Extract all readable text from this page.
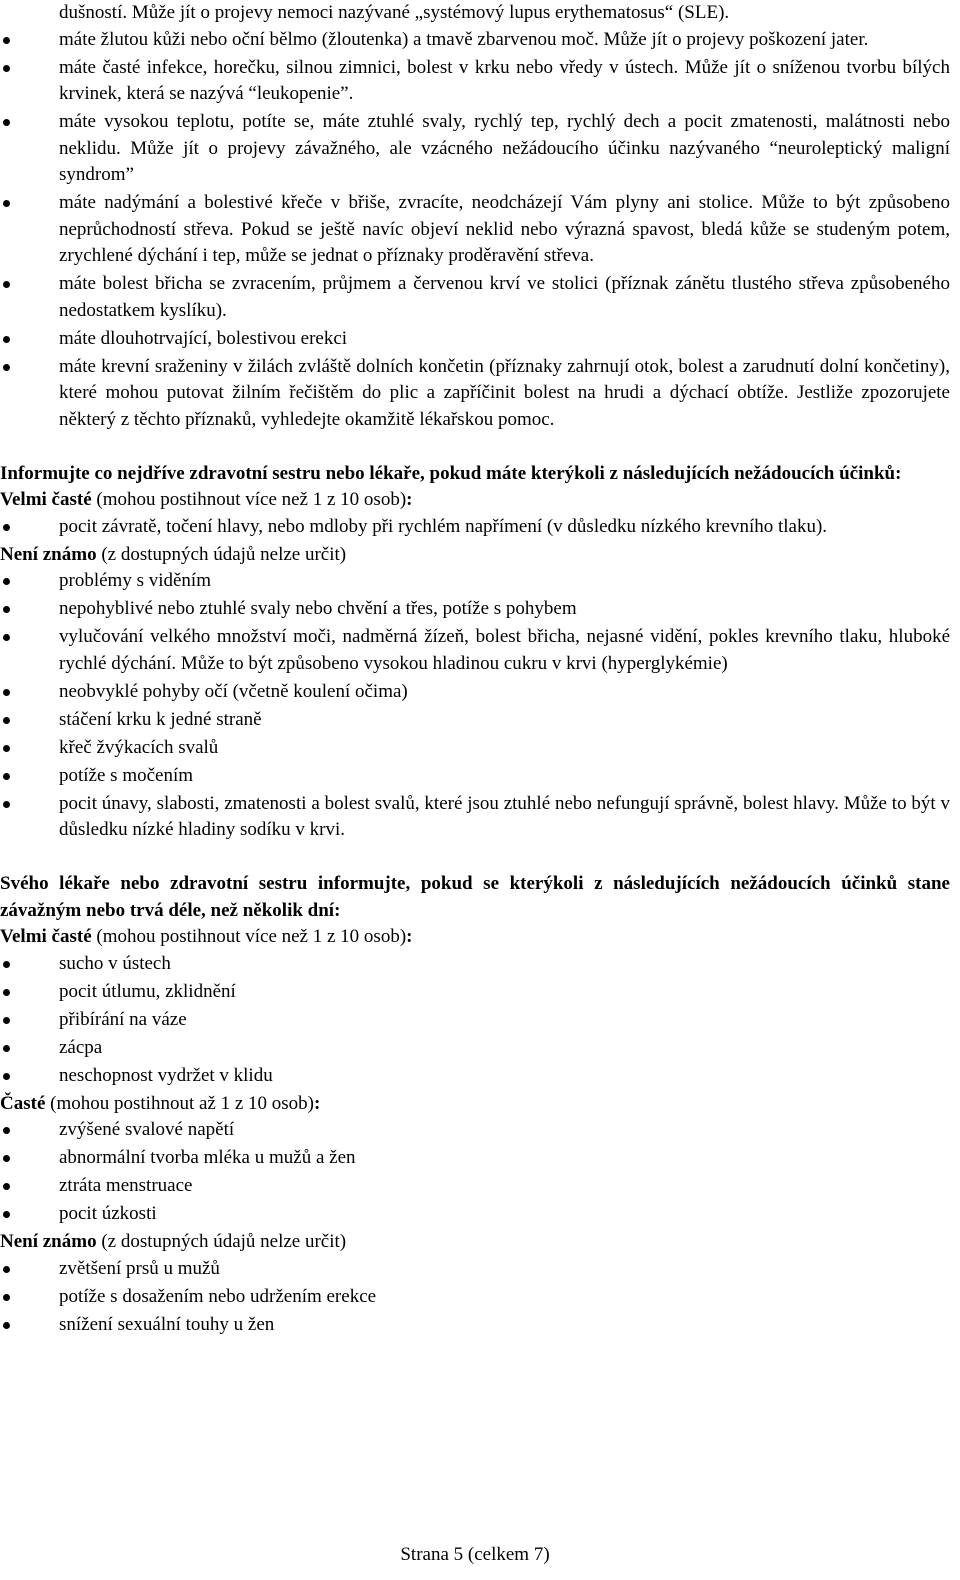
dušností. Může jít o projevy nemoci nazývané „systémový lupus erythematosus“ (SLE).

máte žlutou kůži nebo oční bělmo (žloutenka) a tmavě zbarvenou moč. Může jít o projevy poškození jater.
máte časté infekce, horečku, silnou zimnici, bolest v krku nebo vředy v ústech. Může jít o sníženou tvorbu bílých krvinek, která se nazývá “leukopenie”.
máte vysokou teplotu, potíte se, máte ztuhlé svaly, rychlý tep, rychlý dech a pocit zmatenosti, malátnosti nebo neklidu. Může jít o projevy závažného, ale vzácného nežádoucího účinku nazývaného “neuroleptický maligní syndrom”
máte nadýmání a bolestivé křeče v břiše, zvracíte, neodcházejí Vám plyny ani stolice. Může to být způsobeno neprůchodností střeva. Pokud se ještě navíc objeví neklid nebo výrazná spavost, bledá kůže se studeným potem, zrychlené dýchání i tep, může se jednat o příznaky proděravění střeva.
máte bolest břicha se zvracením, průjmem a červenou krví ve stolici (příznak zánětu tlustého střeva způsobeného nedostatkem kyslíku).
máte dlouhotrvající, bolestivou erekci
máte krevní sraženiny v žilách zvláště dolních končetin (příznaky zahrnují otok, bolest a zarudnutí dolní končetiny), které mohou putovat žilním řečištěm do plic a zapříčinit bolest na hrudi a dýchací obtíže. Jestliže zpozorujete některý z těchto příznaků, vyhledejte okamžitě lékařskou pomoc.

Informujte co nejdříve zdravotní sestru nebo lékaře, pokud máte kterýkoli z následujících nežádoucích účinků:

Velmi časté (mohou postihnout více než 1 z 10 osob):

pocit závratě, točení hlavy, nebo mdloby při rychlém napřímení (v důsledku nízkého krevního tlaku).

Není známo (z dostupných údajů nelze určit)

problémy s viděním
nepohyblivé nebo ztuhlé svaly nebo chvění a třes, potíže s pohybem
vylučování velkého množství moči, nadměrná žízeň, bolest břicha, nejasné vidění, pokles krevního tlaku, hluboké rychlé dýchání. Může to být způsobeno vysokou hladinou cukru v krvi (hyperglykémie)
neobvyklé pohyby očí (včetně koulení očima)
stáčení krku k jedné straně
křeč žvýkacích svalů
potíže s močením
pocit únavy, slabosti, zmatenosti a bolest svalů, které jsou ztuhlé nebo nefungují správně, bolest hlavy. Může to být v důsledku nízké hladiny sodíku v krvi.

Svého lékaře nebo zdravotní sestru informujte, pokud se kterýkoli z následujících nežádoucích účinků stane závažným nebo trvá déle, než několik dní:

Velmi časté (mohou postihnout více než 1 z 10 osob):

sucho v ústech
pocit útlumu, zklidnění
přibírání na váze
zácpa
neschopnost vydržet v klidu

Časté (mohou postihnout až 1 z 10 osob):

zvýšené svalové napětí
abnormální tvorba mléka u mužů a žen
ztráta menstruace
pocit úzkosti

Není známo (z dostupných údajů nelze určit)

zvětšení prsů u mužů
potíže s dosažením nebo udržením erekce
snížení sexuální touhy u žen
Strana 5 (celkem 7)
